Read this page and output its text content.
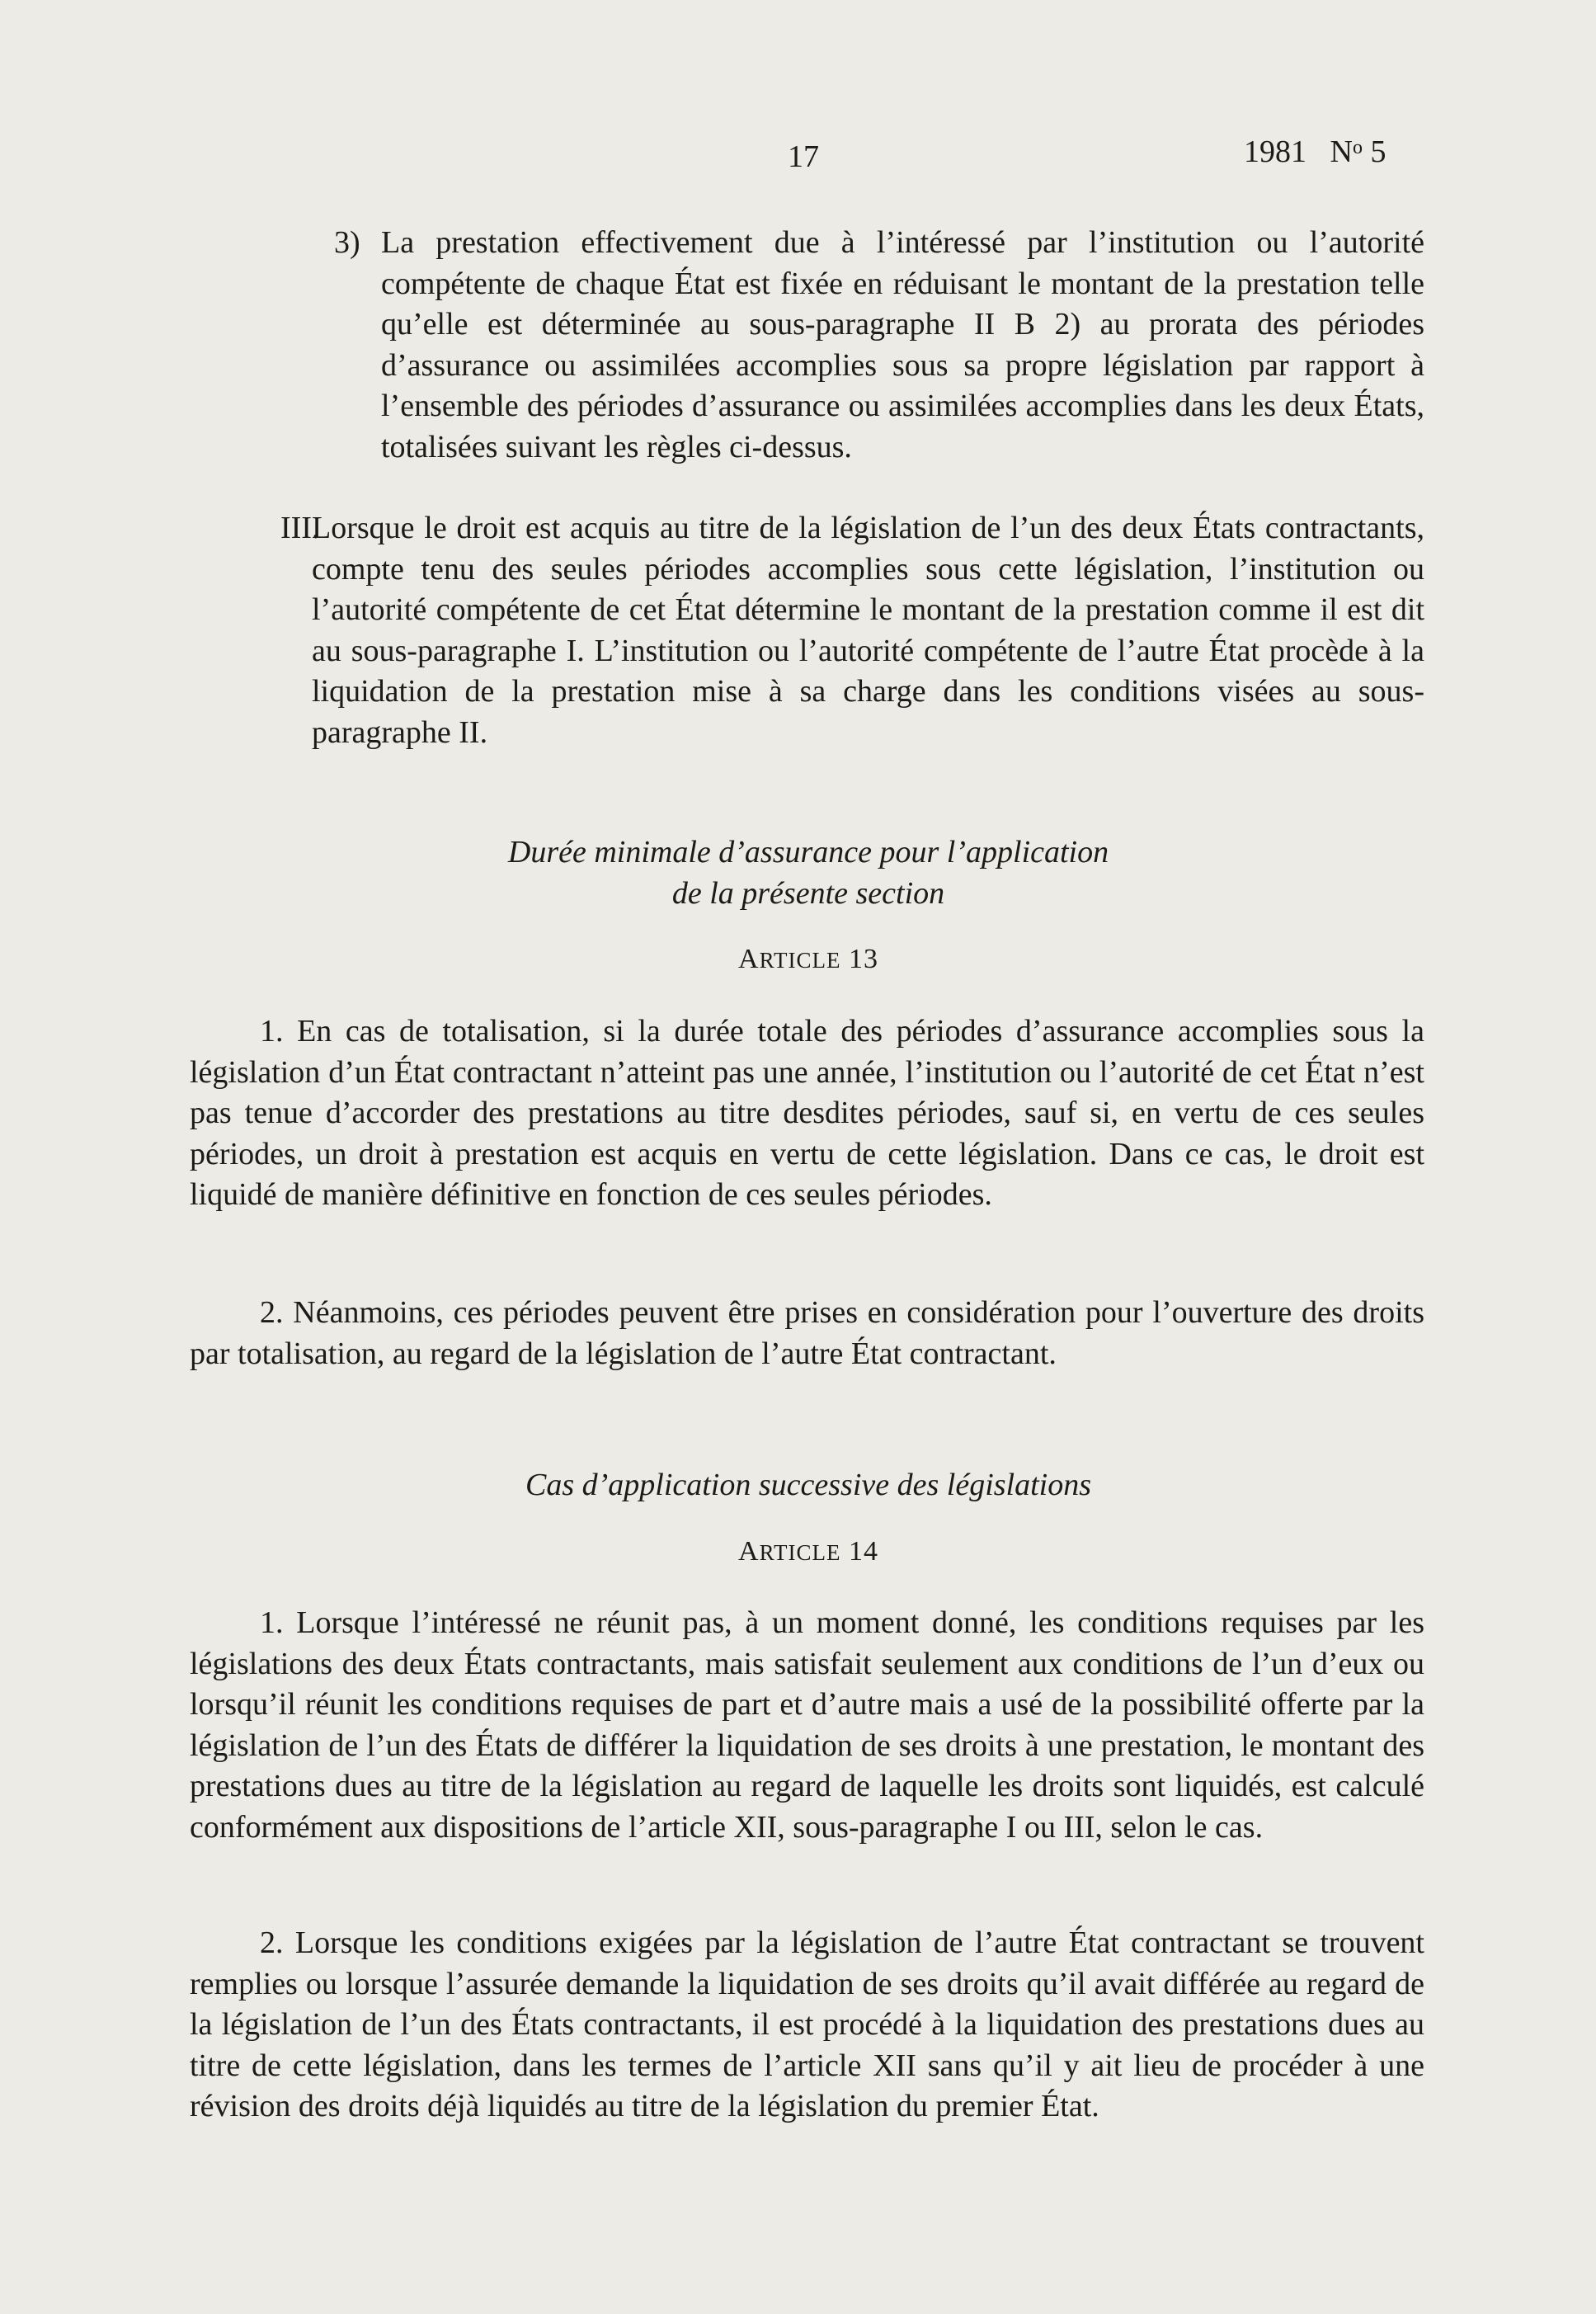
17	1981 $N^o$ 5

3) La prestation effectivement due à l’intéressé par l’institution ou l’autorité compétente de chaque État est fixée en réduisant le montant de la prestation telle qu’elle est déterminée au sous-paragraphe II B 2) au prorata des périodes d’assurance ou assimilées accomplies sous sa propre législation par rapport à l’ensemble des périodes d’assurance ou assimilées accomplies dans les deux États, totalisées suivant les règles ci-dessus.

III.

Lorsque le droit est acquis au titre de la législation de l’un des deux États contractants, compte tenu des seules périodes accomplies sous cette législation, l’institution ou l’autorité compétente de cet État détermine le montant de la prestation comme il est dit au sous-paragraphe I. L’institution ou l’autorité compétente de l’autre État procède à la liquidation de la prestation mise à sa charge dans les conditions visées au sous-paragraphe II.

Durée minimale d’assurance pour l’application

de la présente section

ARTICLE 13

1. En cas de totalisation, si la durée totale des périodes d’assurance accomplies sous la législation d’un État contractant n’atteint pas une année, l’institution ou l’autorité de cet État n’est pas tenue d’accorder des prestations au titre desdites périodes, sauf si, en vertu de ces seules périodes, un droit à prestation est acquis en vertu de cette législation. Dans ce cas, le droit est liquidé de manière définitive en fonction de ces seules périodes.

2. Néanmoins, ces périodes peuvent être prises en considération pour l’ouverture des droits par totalisation, au regard de la législation de l’autre État contractant.

Cas d’application successive des législations

ARTICLE 14

1. Lorsque l’intéressé ne réunit pas, à un moment donné, les conditions requises par les législations des deux États contractants, mais satisfait seulement aux conditions de l’un d’eux ou lorsqu’il réunit les conditions requises de part et d’autre mais a usé de la possibilité offerte par la législation de l’un des États de différer la liquidation de ses droits à une prestation, le montant des prestations dues au titre de la législation au regard de laquelle les droits sont liquidés, est calculé conformément aux dispositions de l’article XII, sous-paragraphe I ou III, selon le cas.

2. Lorsque les conditions exigées par la législation de l’autre État contractant se trouvent remplies ou lorsque l’assurée demande la liquidation de ses droits qu’il avait différée au regard de la législation de l’un des États contractants, il est procédé à la liquidation des prestations dues au titre de cette législation, dans les termes de l’article XII sans qu’il y ait lieu de procéder à une révision des droits déjà liquidés au titre de la législation du premier État.
